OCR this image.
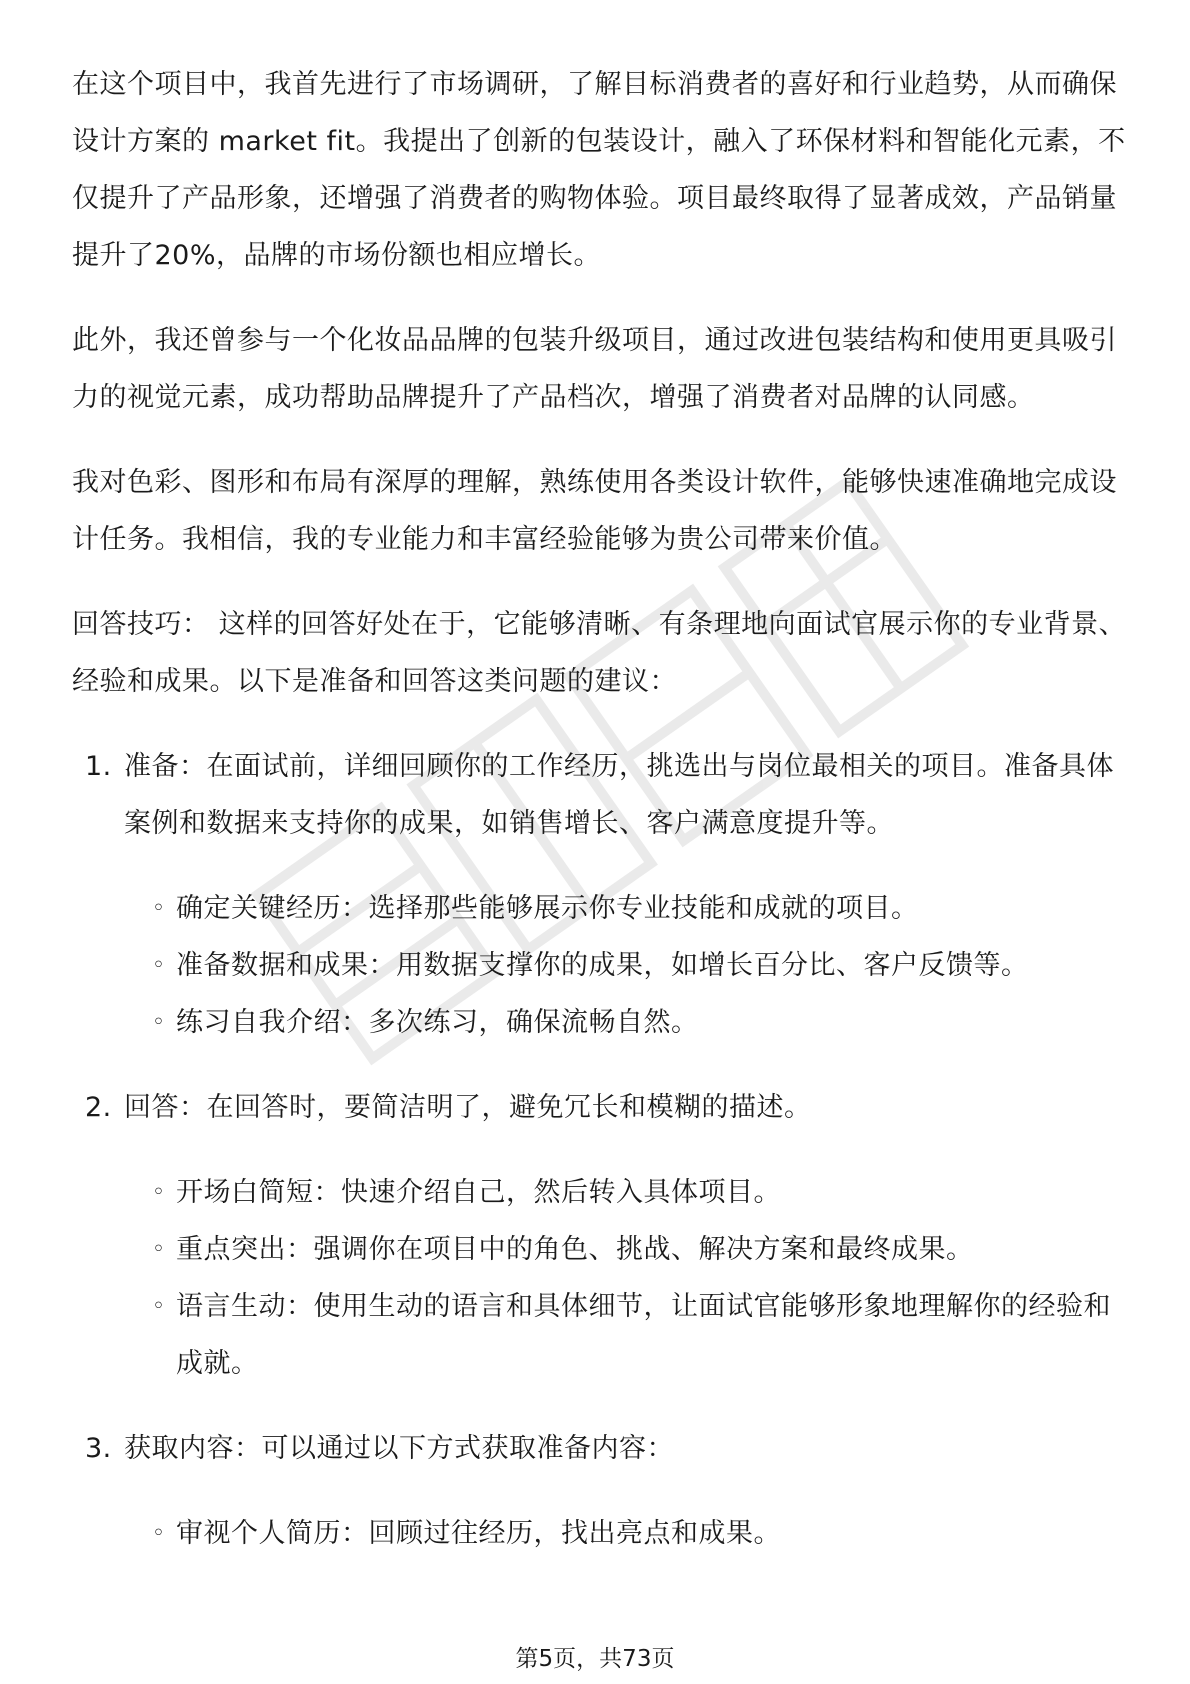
在这个项目中，我首先进行了市场调研，了解目标消费者的喜好和行业趋势，从而确保设计方案的 market fit。我提出了创新的包装设计，融入了环保材料和智能化元素，不仅提升了产品形象，还增强了消费者的购物体验。项目最终取得了显著成效，产品销量提升了20%，品牌的市场份额也相应增长。

此外，我还曾参与一个化妆品品牌的包装升级项目，通过改进包装结构和使用更具吸引力的视觉元素，成功帮助品牌提升了产品档次，增强了消费者对品牌的认同感。

我对色彩、图形和布局有深厚的理解，熟练使用各类设计软件，能够快速准确地完成设计任务。我相信，我的专业能力和丰富经验能够为贵公司带来价值。

回答技巧： 这样的回答好处在于，它能够清晰、有条理地向面试官展示你的专业背景、经验和成果。以下是准备和回答这类问题的建议：

1. 准备：在面试前，详细回顾你的工作经历，挑选出与岗位最相关的项目。准备具体案例和数据来支持你的成果，如销售增长、客户满意度提升等。
◦ 确定关键经历：选择那些能够展示你专业技能和成就的项目。
◦ 准备数据和成果：用数据支撑你的成果，如增长百分比、客户反馈等。
◦ 练习自我介绍：多次练习，确保流畅自然。
2. 回答：在回答时，要简洁明了，避免冗长和模糊的描述。
◦ 开场白简短：快速介绍自己，然后转入具体项目。
◦ 重点突出：强调你在项目中的角色、挑战、解决方案和最终成果。
◦ 语言生动：使用生动的语言和具体细节，让面试官能够形象地理解你的经验和成就。
3. 获取内容：可以通过以下方式获取准备内容：
◦ 审视个人简历：回顾过往经历，找出亮点和成果。
第5页，共73页
